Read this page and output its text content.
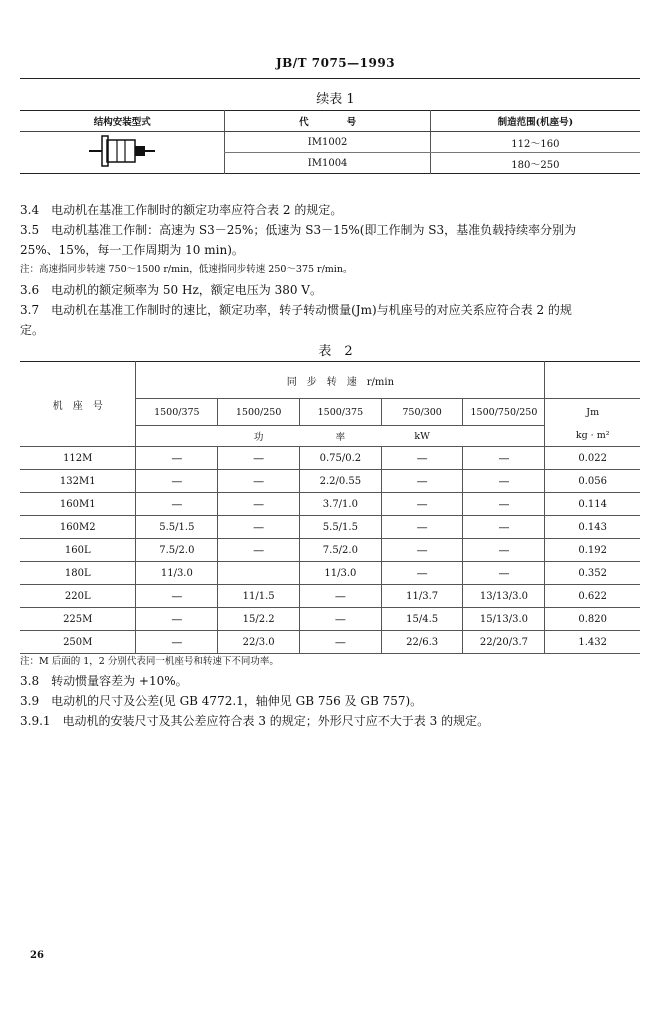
JB/T 7075—1993
续表 1
结构安装型式	代　　　　号	制造范围(机座号)
	IM1002	112～160
	IM1004	180～250
3.4　电动机在基准工作制时的额定功率应符合表 2 的规定。
3.5　电动机基准工作制：高速为 S3－25%；低速为 S3－15%(即工作制为 S3，基准负载持续率分别为
25%、15%，每一工作周期为 10 min)。
注：高速指同步转速 750～1500 r/min，低速指同步转速 250～375 r/min。
3.6　电动机的额定频率为 50 Hz，额定电压为 380 V。
3.7　电动机在基准工作制时的速比，额定功率，转子转动惯量(Jm)与机座号的对应关系应符合表 2 的规
定。
表　2
机　座　号	同　步　转　速　r/min					
	1500/375	1500/250	1500/375	750/300	1500/750/250	Jm
		功	率	kW		kg · m²
112M	—	—	0.75/0.2	—	—	0.022
132M1	—	—	2.2/0.55	—	—	0.056
160M1	—	—	3.7/1.0	—	—	0.114
160M2	5.5/1.5	—	5.5/1.5	—	—	0.143
160L	7.5/2.0	—	7.5/2.0	—	—	0.192
180L	11/3.0		11/3.0	—	—	0.352
220L	—	11/1.5	—	11/3.7	13/13/3.0	0.622
225M	—	15/2.2	—	15/4.5	15/13/3.0	0.820
250M	—	22/3.0	—	22/6.3	22/20/3.7	1.432
注：M 后面的 1，2 分别代表同一机座号和转速下不同功率。
3.8　转动惯量容差为 +10%。
3.9　电动机的尺寸及公差(见 GB 4772.1，轴伸见 GB 756 及 GB 757)。
3.9.1　电动机的安装尺寸及其公差应符合表 3 的规定；外形尺寸应不大于表 3 的规定。
26
